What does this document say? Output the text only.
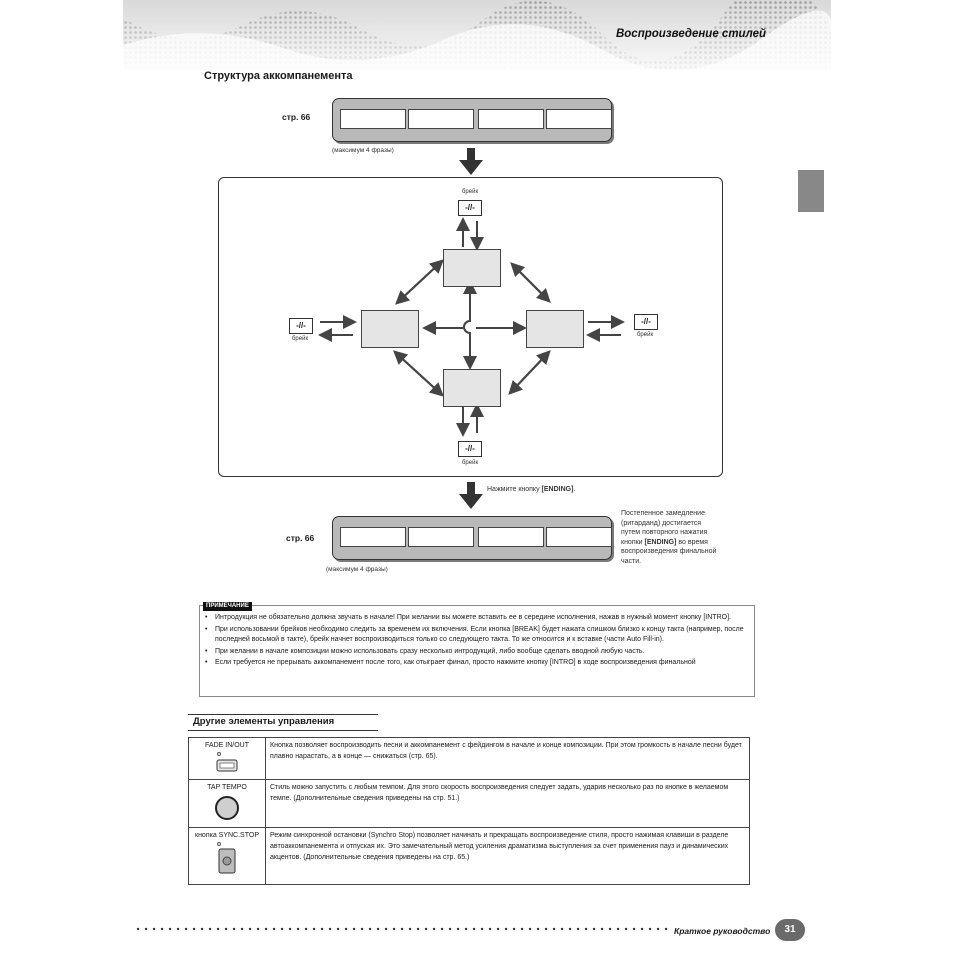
Воспроизведение стилей
Структура аккомпанемента
стр. 66
(максимум 4 фразы)
брейк
-//-
-//-
брейк
-//-
брейк
-//-
брейк
Нажмите кнопку [ENDING].
стр. 66
(максимум 4 фразы)
Постепенное замедление (ритарданд) достигается путем повторного нажатия кнопки [ENDING] во время воспроизведения финальной части.
ПРИМЕЧАНИЕ
• Интродукция не обязательно должна звучать в начале! При желании вы можете вставить ее в середине исполнения, нажав в нужный момент кнопку [INTRO].
• При использовании брейков необходимо следить за временем их включения. Если кнопка [BREAK] будет нажата слишком близко к концу такта (например, после последней восьмой в такте), брейк начнет воспроизводиться только со следующего такта. То же относится и к вставке (части Auto Fill-in).
• При желании в начале композиции можно использовать сразу несколько интродукций, либо вообще сделать вводной любую часть.
• Если требуется не прерывать аккомпанемент после того, как отыграет финал, просто нажмите кнопку [INTRO] в ходе воспроизведения финальной
Другие элементы управления
FADE IN/OUT	Кнопка позволяет воспроизводить песни и аккомпанемент с фейдингом в начале и конце композиции. При этом громкость в начале песни будет плавно нарастать, а в конце — снижаться (стр. 65).

TAP TEMPO	Стиль можно запустить с любым темпом. Для этого скорость воспроизведения следует задать, ударив несколько раз по кнопке в желаемом темпе. (Дополнительные сведения приведены на стр. 51.)

кнопка SYNC.STOP	Режим синхронной остановки (Synchro Stop) позволяет начинать и прекращать воспроизведение стиля, просто нажимая клавиши в разделе автоаккомпанемента и отпуская их. Это замечательный метод усиления драматизма выступления за счет применения пауз и динамических акцентов. (Дополнительные сведения приведены на стр. 65.)
Краткое руководство	31
